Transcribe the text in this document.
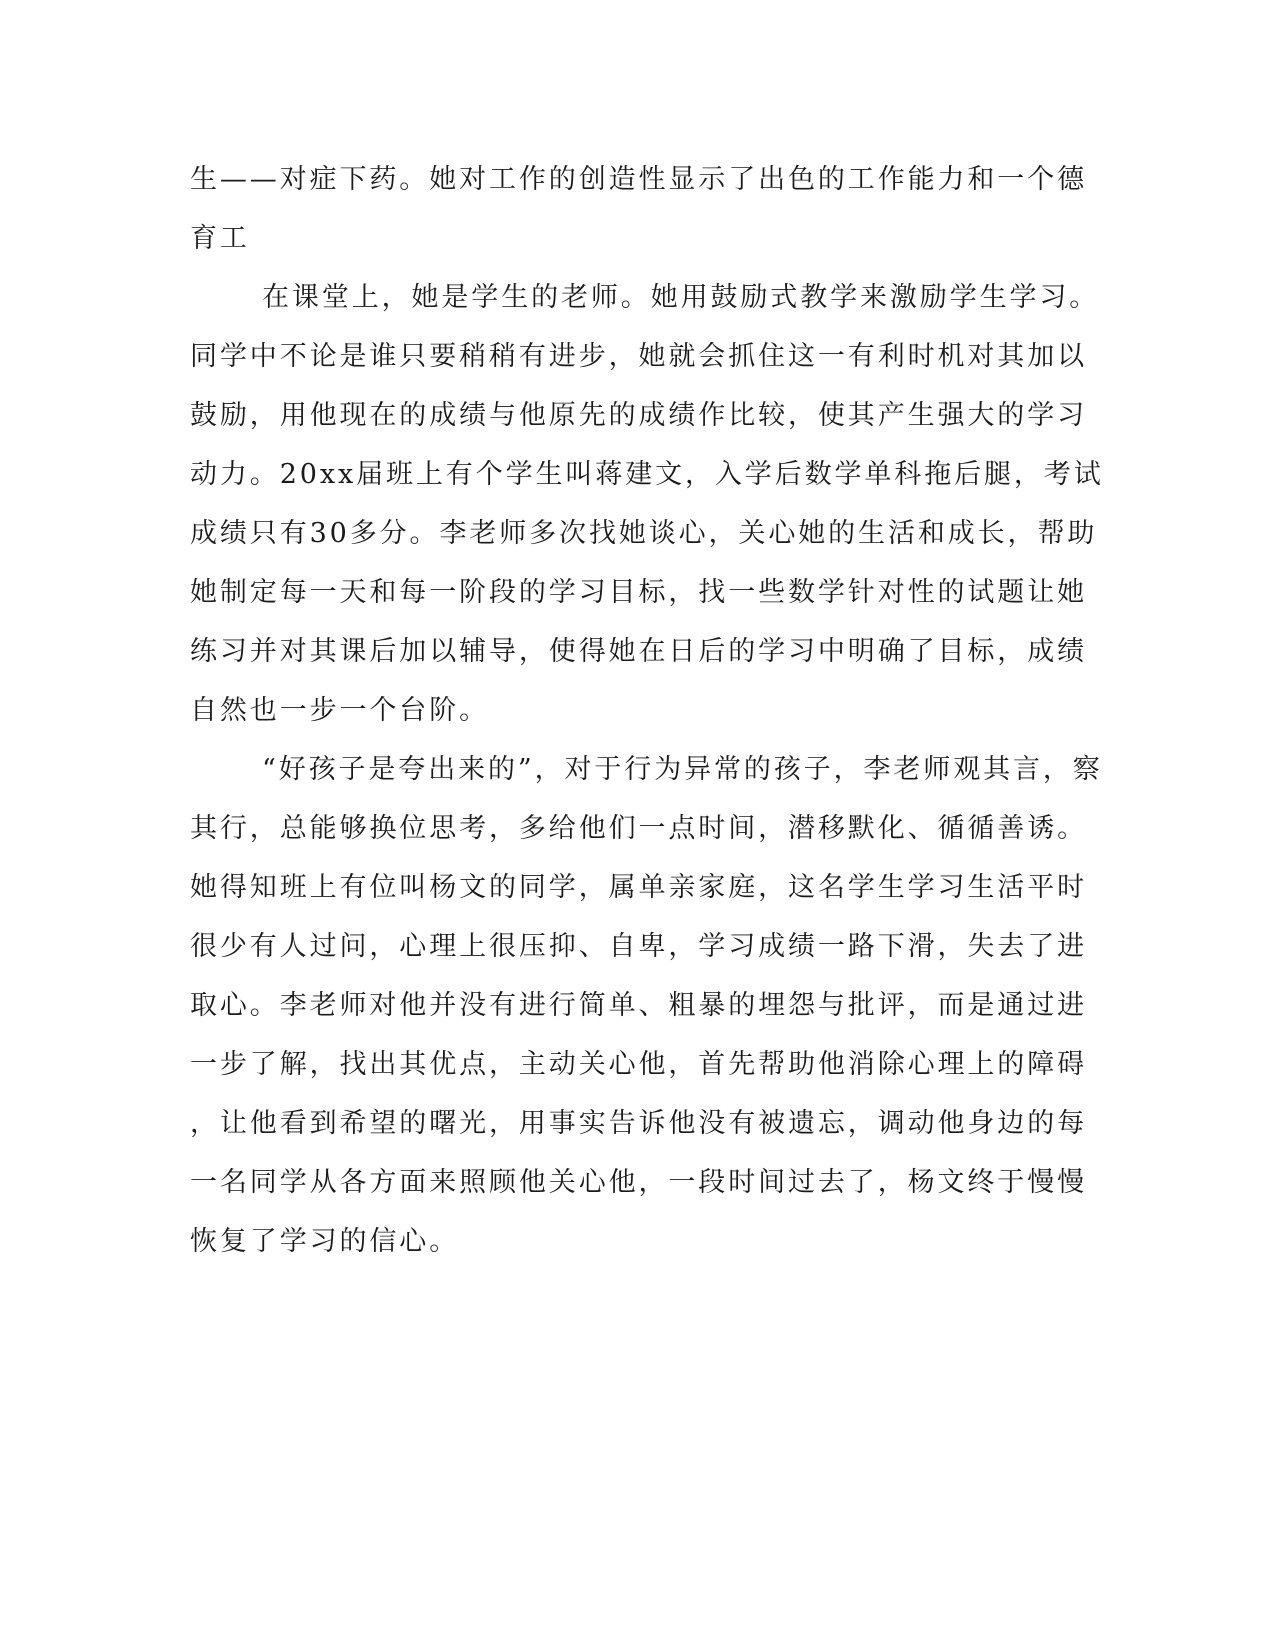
生——对症下药。她对工作的创造性显示了出色的工作能力和一个德
育工
在课堂上，她是学生的老师。她用鼓励式教学来激励学生学习。
同学中不论是谁只要稍稍有进步，她就会抓住这一有利时机对其加以
鼓励，用他现在的成绩与他原先的成绩作比较，使其产生强大的学习
动力。20xx届班上有个学生叫蒋建文，入学后数学单科拖后腿，考试
成绩只有30多分。李老师多次找她谈心，关心她的生活和成长，帮助
她制定每一天和每一阶段的学习目标，找一些数学针对性的试题让她
练习并对其课后加以辅导，使得她在日后的学习中明确了目标，成绩
自然也一步一个台阶。
“好孩子是夸出来的”，对于行为异常的孩子，李老师观其言，察
其行，总能够换位思考，多给他们一点时间，潜移默化、循循善诱。
她得知班上有位叫杨文的同学，属单亲家庭，这名学生学习生活平时
很少有人过问，心理上很压抑、自卑，学习成绩一路下滑，失去了进
取心。李老师对他并没有进行简单、粗暴的埋怨与批评，而是通过进
一步了解，找出其优点，主动关心他，首先帮助他消除心理上的障碍
，让他看到希望的曙光，用事实告诉他没有被遗忘，调动他身边的每
一名同学从各方面来照顾他关心他，一段时间过去了，杨文终于慢慢
恢复了学习的信心。
